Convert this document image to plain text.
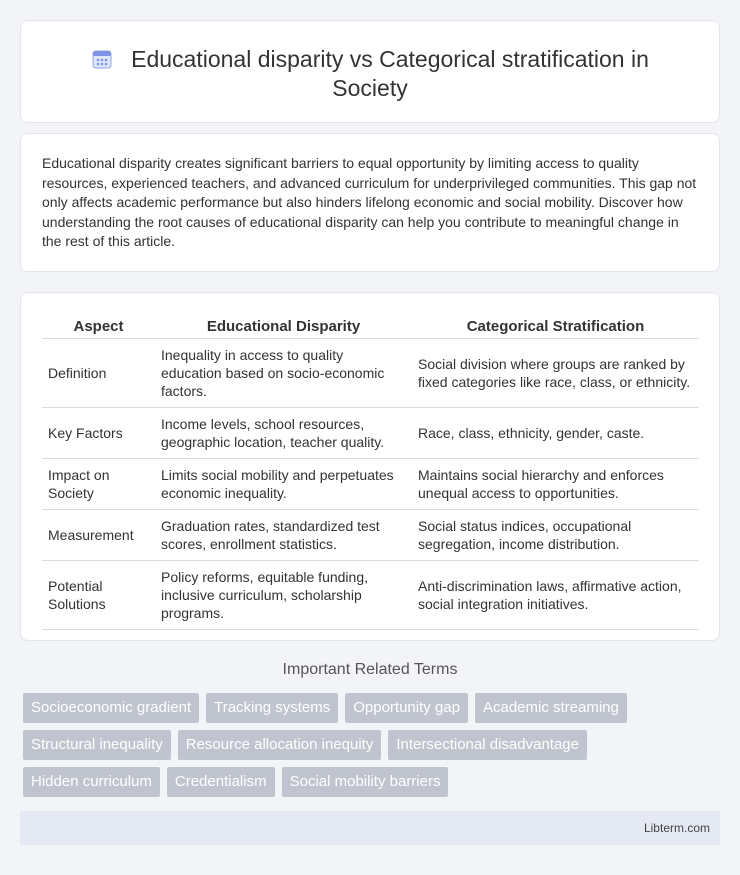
Educational disparity vs Categorical stratification in Society

Educational disparity creates significant barriers to equal opportunity by limiting access to quality resources, experienced teachers, and advanced curriculum for underprivileged communities. This gap not only affects academic performance but also hinders lifelong economic and social mobility. Discover how understanding the root causes of educational disparity can help you contribute to meaningful change in the rest of this article.

Aspect	Educational Disparity	Categorical Stratification
Definition	Inequality in access to quality education based on socio-economic factors.	Social division where groups are ranked by fixed categories like race, class, or ethnicity.
Key Factors	Income levels, school resources, geographic location, teacher quality.	Race, class, ethnicity, gender, caste.
Impact on Society	Limits social mobility and perpetuates economic inequality.	Maintains social hierarchy and enforces unequal access to opportunities.
Measurement	Graduation rates, standardized test scores, enrollment statistics.	Social status indices, occupational segregation, income distribution.
Potential Solutions	Policy reforms, equitable funding, inclusive curriculum, scholarship programs.	Anti-discrimination laws, affirmative action, social integration initiatives.
Important Related Terms
Socioeconomic gradient	Tracking systems	Opportunity gap	Academic streaming
Structural inequality	Resource allocation inequity	Intersectional disadvantage
Hidden curriculum	Credentialism	Social mobility barriers
Libterm.com
